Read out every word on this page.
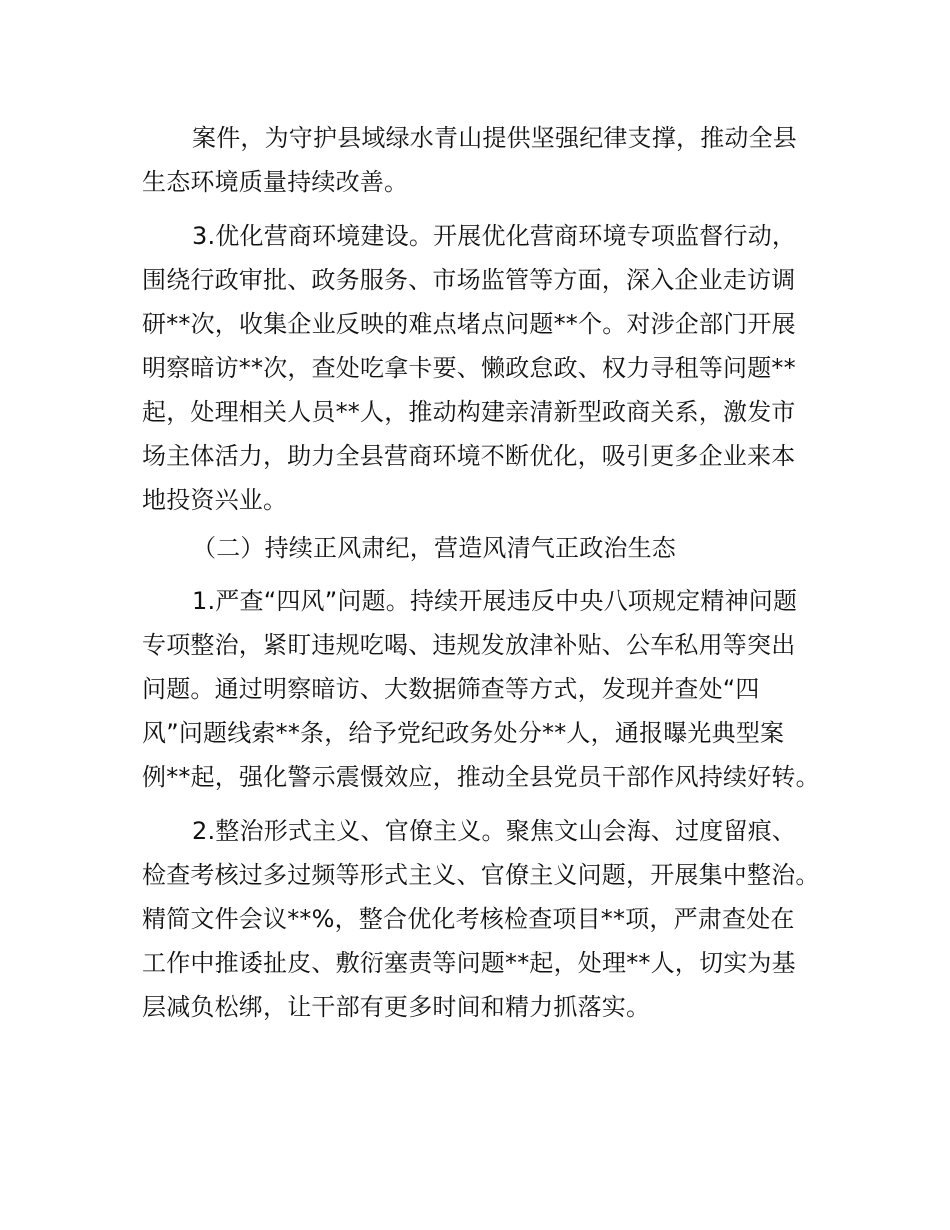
案件，为守护县域绿水青山提供坚强纪律支撑，推动全县
生态环境质量持续改善。
3.优化营商环境建设。开展优化营商环境专项监督行动，
围绕行政审批、政务服务、市场监管等方面，深入企业走访调
研**次，收集企业反映的难点堵点问题**个。对涉企部门开展
明察暗访**次，查处吃拿卡要、懒政怠政、权力寻租等问题**
起，处理相关人员**人，推动构建亲清新型政商关系，激发市
场主体活力，助力全县营商环境不断优化，吸引更多企业来本
地投资兴业。
（二）持续正风肃纪，营造风清气正政治生态
1.严查“四风”问题。持续开展违反中央八项规定精神问题
专项整治，紧盯违规吃喝、违规发放津补贴、公车私用等突出
问题。通过明察暗访、大数据筛查等方式，发现并查处“四
风”问题线索**条，给予党纪政务处分**人，通报曝光典型案
例**起，强化警示震慑效应，推动全县党员干部作风持续好转。
2.整治形式主义、官僚主义。聚焦文山会海、过度留痕、
检查考核过多过频等形式主义、官僚主义问题，开展集中整治。
精简文件会议**%，整合优化考核检查项目**项，严肃查处在
工作中推诿扯皮、敷衍塞责等问题**起，处理**人，切实为基
层减负松绑，让干部有更多时间和精力抓落实。
